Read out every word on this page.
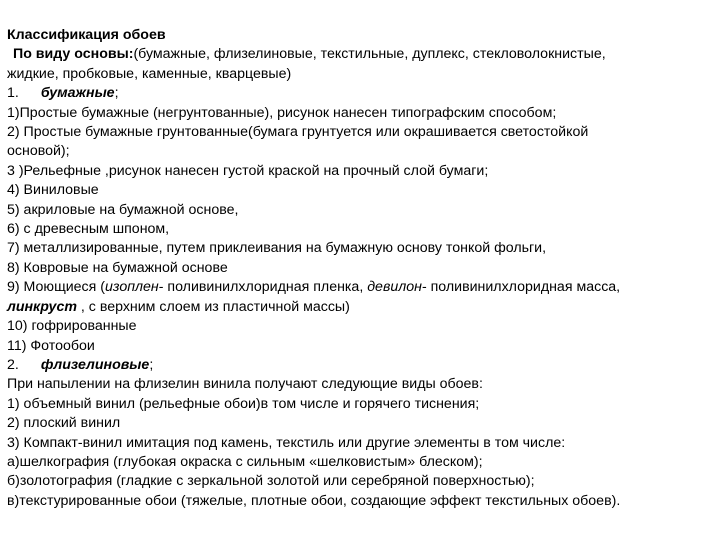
Классификация обоев

По виду основы:(бумажные, флизелиновые, текстильные, дуплекс, стекловолокнистые,

жидкие, пробковые, каменные, кварцевые)

1. бумажные;

1)Простые бумажные (негрунтованные), рисунок нанесен типографским способом;

2) Простые бумажные грунтованные(бумага грунтуется или окрашивается светостойкой

основой);

3 )Рельефные ,рисунок нанесен густой краской на прочный слой бумаги;

4) Виниловые

5) акриловые на бумажной основе,

6) с древесным шпоном,

7) металлизированные, путем приклеивания на бумажную основу тонкой фольги,

8) Ковровые на бумажной основе

9) Моющиеся (изоплен- поливинилхлоридная пленка, девилон- поливинилхлоридная масса,

линкруст , с верхним слоем из пластичной массы)

10) гофрированные

11) Фотообои

2. флизелиновые;

При напылении на флизелин винила получают следующие виды обоев:

1) объемный винил (рельефные обои)в том числе и горячего тиснения;

2) плоский винил

3) Компакт-винил имитация под камень, текстиль или другие элементы в том числе:

а)шелкография (глубокая окраска с сильным «шелковистым» блеском);

б)золотография (гладкие с зеркальной золотой или серебряной поверхностью);

в)текстурированные обои (тяжелые, плотные обои, создающие эффект текстильных обоев).
